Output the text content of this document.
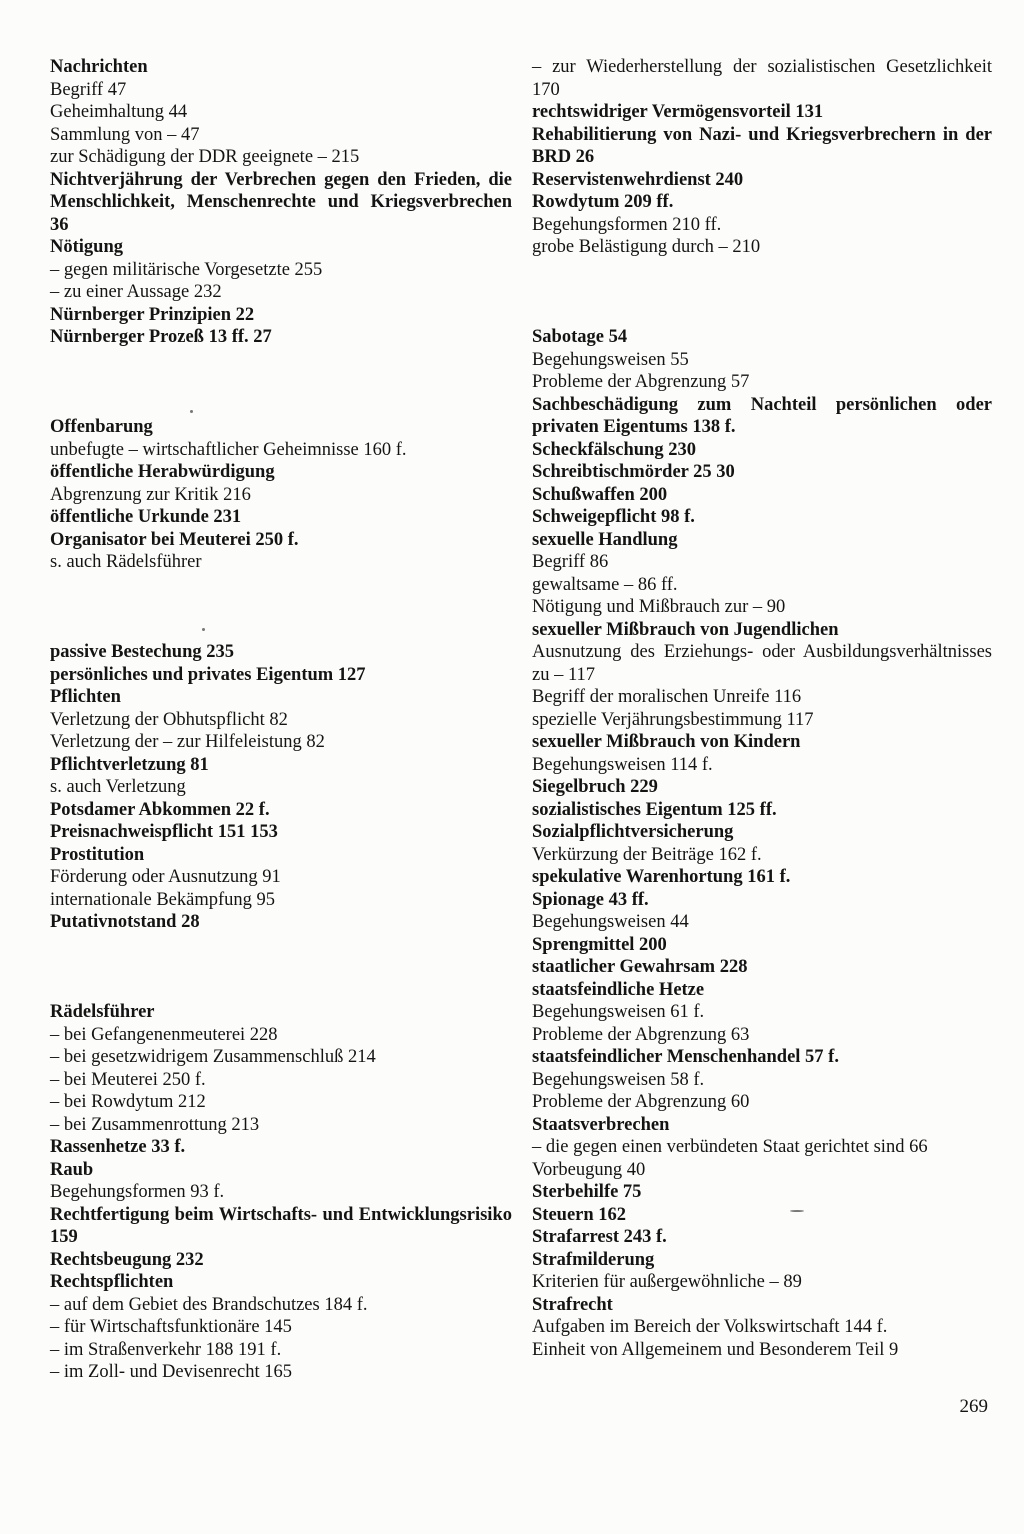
Nachrichten
Begriff 47
Geheimhaltung 44
Sammlung von – 47
zur Schädigung der DDR geeignete – 215
Nichtverjährung der Verbrechen gegen den Frieden, die Menschlichkeit, Menschenrechte und Kriegsverbrechen 36
Nötigung
– gegen militärische Vorgesetzte 255
– zu einer Aussage 232
Nürnberger Prinzipien 22
Nürnberger Prozeß 13 ff. 27
Offenbarung
unbefugte – wirtschaftlicher Geheimnisse 160 f.
öffentliche Herabwürdigung
Abgrenzung zur Kritik 216
öffentliche Urkunde 231
Organisator bei Meuterei 250 f.
s. auch Rädelsführer
passive Bestechung 235
persönliches und privates Eigentum 127
Pflichten
Verletzung der Obhutspflicht 82
Verletzung der – zur Hilfeleistung 82
Pflichtverletzung 81
s. auch Verletzung
Potsdamer Abkommen 22 f.
Preisnachweispflicht 151 153
Prostitution
Förderung oder Ausnutzung 91
internationale Bekämpfung 95
Putativnotstand 28
Rädelsführer
– bei Gefangenenmeuterei 228
– bei gesetzwidrigem Zusammenschluß 214
– bei Meuterei 250 f.
– bei Rowdytum 212
– bei Zusammenrottung 213
Rassenhetze 33 f.
Raub
Begehungsformen 93 f.
Rechtfertigung beim Wirtschafts- und Entwicklungsrisiko 159
Rechtsbeugung 232
Rechtspflichten
– auf dem Gebiet des Brandschutzes 184 f.
– für Wirtschaftsfunktionäre 145
– im Straßenverkehr 188 191 f.
– im Zoll- und Devisenrecht 165
– zur Wiederherstellung der sozialistischen Gesetzlichkeit 170
rechtswidriger Vermögensvorteil 131
Rehabilitierung von Nazi- und Kriegsverbrechern in der BRD 26
Reservistenwehrdienst 240
Rowdytum 209 ff.
Begehungsformen 210 ff.
grobe Belästigung durch – 210
Sabotage 54
Begehungsweisen 55
Probleme der Abgrenzung 57
Sachbeschädigung zum Nachteil persönlichen oder privaten Eigentums 138 f.
Scheckfälschung 230
Schreibtischmörder 25 30
Schußwaffen 200
Schweigepflicht 98 f.
sexuelle Handlung
Begriff 86
gewaltsame – 86 ff.
Nötigung und Mißbrauch zur – 90
sexueller Mißbrauch von Jugendlichen
Ausnutzung des Erziehungs- oder Ausbildungsverhältnisses zu – 117
Begriff der moralischen Unreife 116
spezielle Verjährungsbestimmung 117
sexueller Mißbrauch von Kindern
Begehungsweisen 114 f.
Siegelbruch 229
sozialistisches Eigentum 125 ff.
Sozialpflichtversicherung
Verkürzung der Beiträge 162 f.
spekulative Warenhortung 161 f.
Spionage 43 ff.
Begehungsweisen 44
Sprengmittel 200
staatlicher Gewahrsam 228
staatsfeindliche Hetze
Begehungsweisen 61 f.
Probleme der Abgrenzung 63
staatsfeindlicher Menschenhandel 57 f.
Begehungsweisen 58 f.
Probleme der Abgrenzung 60
Staatsverbrechen
– die gegen einen verbündeten Staat gerichtet sind 66
Vorbeugung 40
Sterbehilfe 75
Steuern 162
Strafarrest 243 f.
Strafmilderung
Kriterien für außergewöhnliche – 89
Strafrecht
Aufgaben im Bereich der Volkswirtschaft 144 f.
Einheit von Allgemeinem und Besonderem Teil 9
269
